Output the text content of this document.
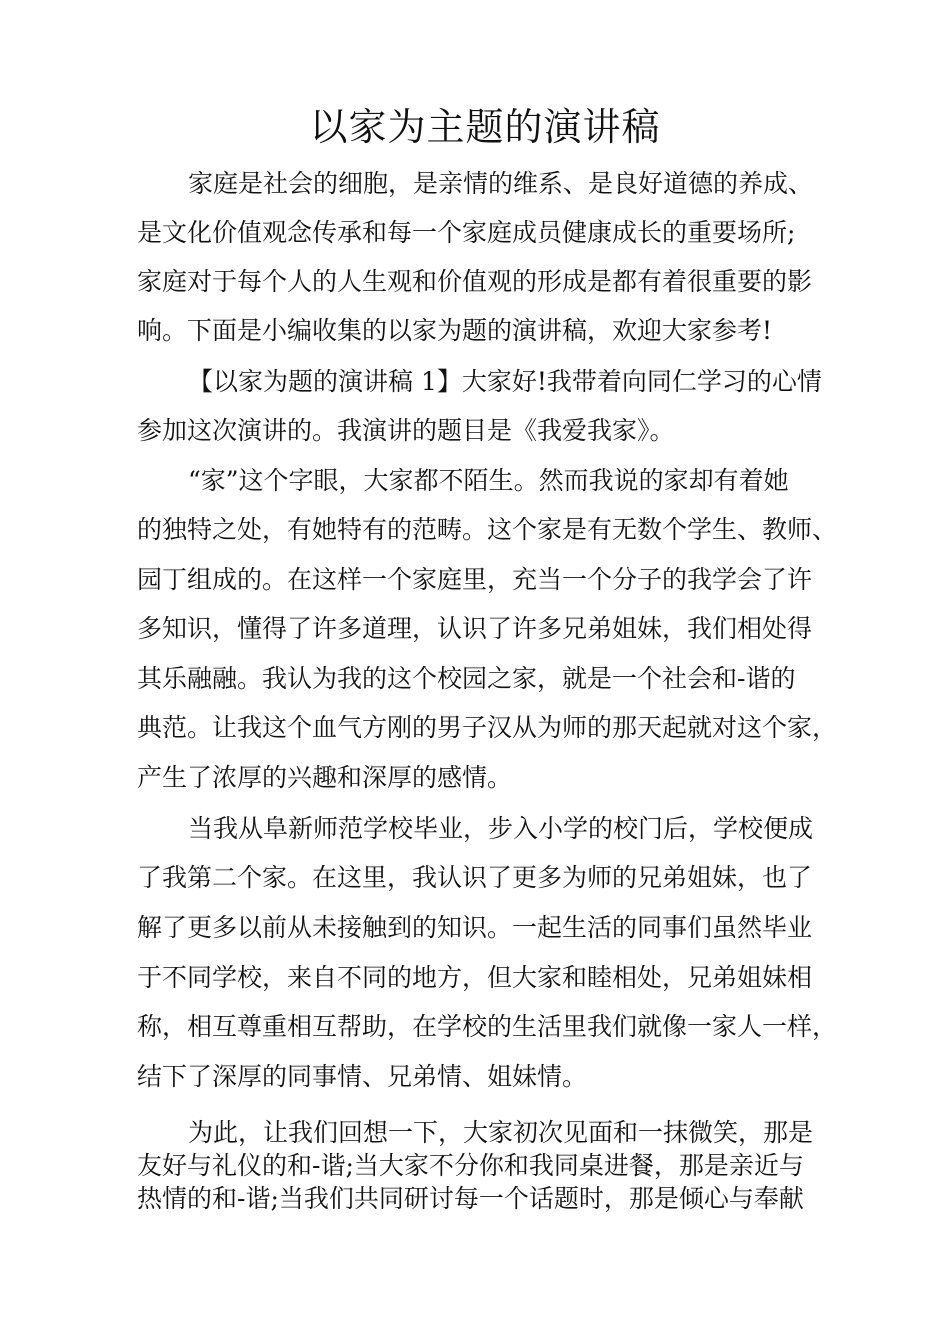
以家为主题的演讲稿
家庭是社会的细胞，是亲情的维系、是良好道德的养成、
是文化价值观念传承和每一个家庭成员健康成长的重要场所;
家庭对于每个人的人生观和价值观的形成是都有着很重要的影
响。下面是小编收集的以家为题的演讲稿，欢迎大家参考!
【以家为题的演讲稿 1】大家好!我带着向同仁学习的心情
参加这次演讲的。我演讲的题目是《我爱我家》。
“家”这个字眼，大家都不陌生。然而我说的家却有着她
的独特之处，有她特有的范畴。这个家是有无数个学生、教师、
园丁组成的。在这样一个家庭里，充当一个分子的我学会了许
多知识，懂得了许多道理，认识了许多兄弟姐妹，我们相处得
其乐融融。我认为我的这个校园之家，就是一个社会和-谐的
典范。让我这个血气方刚的男子汉从为师的那天起就对这个家，
产生了浓厚的兴趣和深厚的感情。
当我从阜新师范学校毕业，步入小学的校门后，学校便成
了我第二个家。在这里，我认识了更多为师的兄弟姐妹，也了
解了更多以前从未接触到的知识。一起生活的同事们虽然毕业
于不同学校，来自不同的地方，但大家和睦相处，兄弟姐妹相
称，相互尊重相互帮助，在学校的生活里我们就像一家人一样，
结下了深厚的同事情、兄弟情、姐妹情。
为此，让我们回想一下，大家初次见面和一抹微笑，那是
友好与礼仪的和-谐;当大家不分你和我同桌进餐，那是亲近与
热情的和-谐;当我们共同研讨每一个话题时，那是倾心与奉献
